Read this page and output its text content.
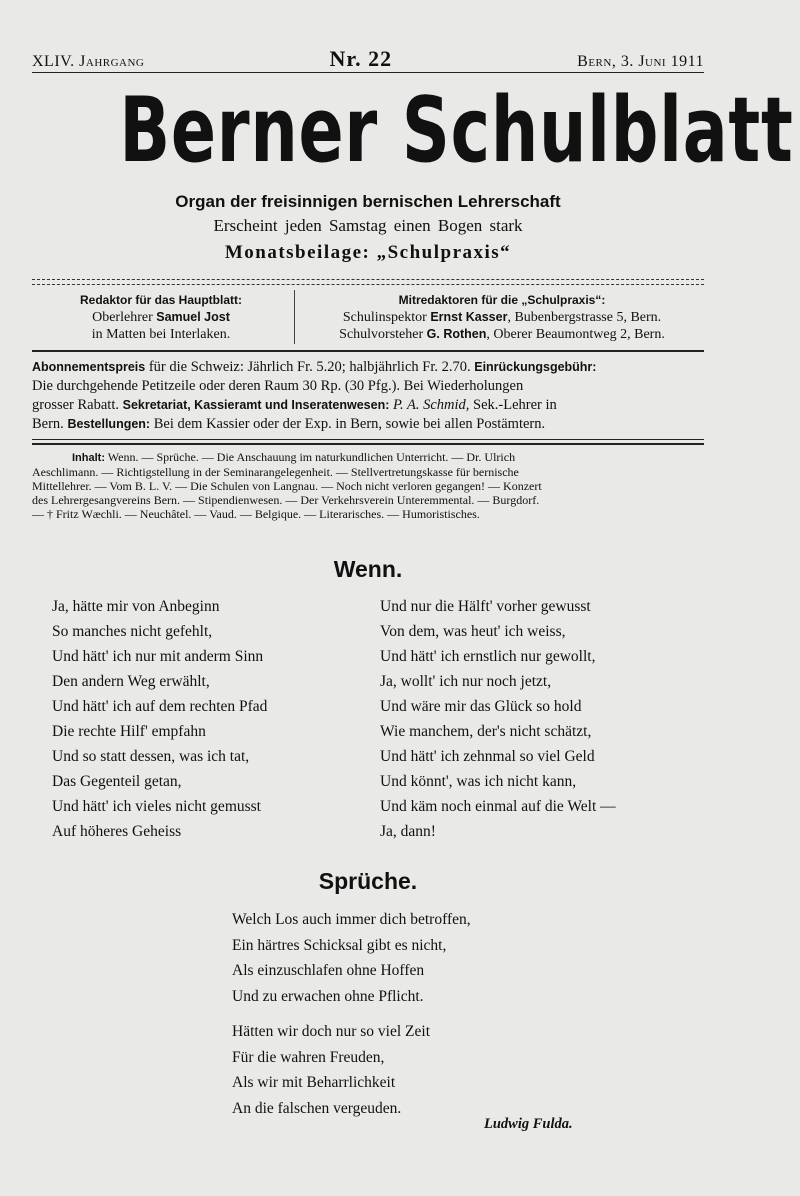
XLIV. Jahrgang	Nr. 22	Bern, 3. Juni 1911
Berner Schulblatt
Organ der freisinnigen bernischen Lehrerschaft
Erscheint jeden Samstag einen Bogen stark
Monatsbeilage: „Schulpraxis“
Redaktor für das Hauptblatt:
Oberlehrer Samuel Jost
in Matten bei Interlaken.
Mitredaktoren für die „Schulpraxis“:
Schulinspektor Ernst Kasser, Bubenbergstrasse 5, Bern.
Schulvorsteher G. Rothen, Oberer Beaumontweg 2, Bern.
Abonnementspreis für die Schweiz: Jährlich Fr. 5.20; halbjährlich Fr. 2.70. Einrückungsgebühr:
Die durchgehende Petitzeile oder deren Raum 30 Rp. (30 Pfg.). Bei Wiederholungen
grosser Rabatt. Sekretariat, Kassieramt und Inseratenwesen: P. A. Schmid, Sek.-Lehrer in
Bern. Bestellungen: Bei dem Kassier oder der Exp. in Bern, sowie bei allen Postämtern.
Inhalt: Wenn. — Sprüche. — Die Anschauung im naturkundlichen Unterricht. — Dr. Ulrich
Aeschlimann. — Richtigstellung in der Seminarangelegenheit. — Stellvertretungskasse für bernische
Mittellehrer. — Vom B. L. V. — Die Schulen von Langnau. — Noch nicht verloren gegangen! — Konzert
des Lehrergesangvereins Bern. — Stipendienwesen. — Der Verkehrsverein Unteremmental. — Burgdorf.
— † Fritz Wæchli. — Neuchâtel. — Vaud. — Belgique. — Literarisches. — Humoristisches.
Wenn.
Ja, hätte mir von Anbeginn
So manches nicht gefehlt,
Und hätt' ich nur mit anderm Sinn
Den andern Weg erwählt,
Und hätt' ich auf dem rechten Pfad
Die rechte Hilf' empfahn
Und so statt dessen, was ich tat,
Das Gegenteil getan,
Und hätt' ich vieles nicht gemusst
Auf höheres Geheiss
Und nur die Hälft' vorher gewusst
Von dem, was heut' ich weiss,
Und hätt' ich ernstlich nur gewollt,
Ja, wollt' ich nur noch jetzt,
Und wäre mir das Glück so hold
Wie manchem, der's nicht schätzt,
Und hätt' ich zehnmal so viel Geld
Und könnt', was ich nicht kann,
Und käm noch einmal auf die Welt —
Ja, dann!
Sprüche.
Welch Los auch immer dich betroffen,
Ein härtres Schicksal gibt es nicht,
Als einzuschlafen ohne Hoffen
Und zu erwachen ohne Pflicht.
Hätten wir doch nur so viel Zeit
Für die wahren Freuden,
Als wir mit Beharrlichkeit
An die falschen vergeuden.
Ludwig Fulda.
